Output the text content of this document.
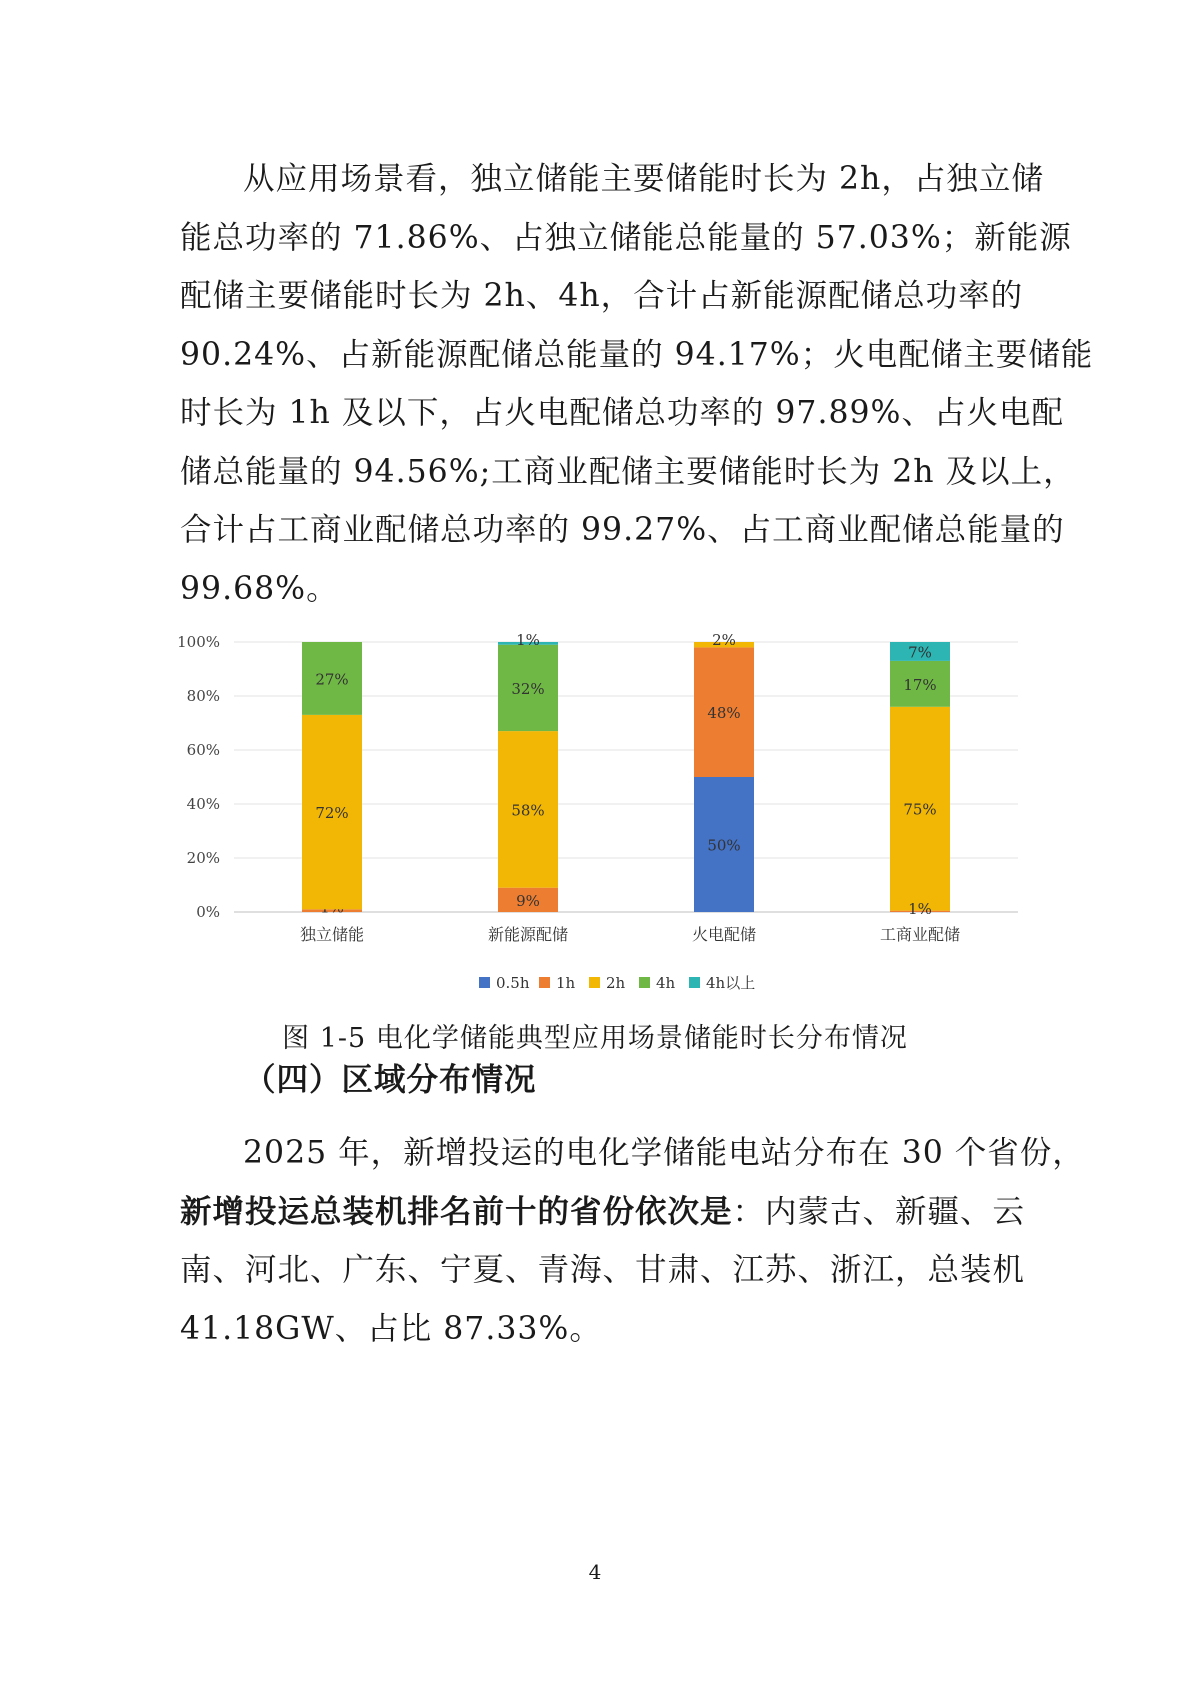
从应用场景看，独立储能主要储能时长为 2h，占独立储
能总功率的 71.86%、占独立储能总能量的 57.03%；新能源
配储主要储能时长为 2h、4h，合计占新能源配储总功率的
90.24%、占新能源配储总能量的 94.17%；火电配储主要储能
时长为 1h 及以下，占火电配储总功率的 97.89%、占火电配
储总能量的 94.56%;工商业配储主要储能时长为 2h 及以上，
合计占工商业配储总功率的 99.27%、占工商业配储总能量的
99.68%。
0%
20%
40%
60%
80%
100%
72%
27%
独立储能
9%
58%
32%
1%
新能源配储
50%
48%
2%
火电配储
75%
17%
7%
工商业配储
1%
0.5h 1h 2h 4h 4h以上

图 1-5 电化学储能典型应用场景储能时长分布情况

（四）区域分布情况

2025 年，新增投运的电化学储能电站分布在 30 个省份，
新增投运总装机排名前十的省份依次是：内蒙古、新疆、云
南、河北、广东、宁夏、青海、甘肃、江苏、浙江，总装机
41.18GW、占比 87.33%。

4
